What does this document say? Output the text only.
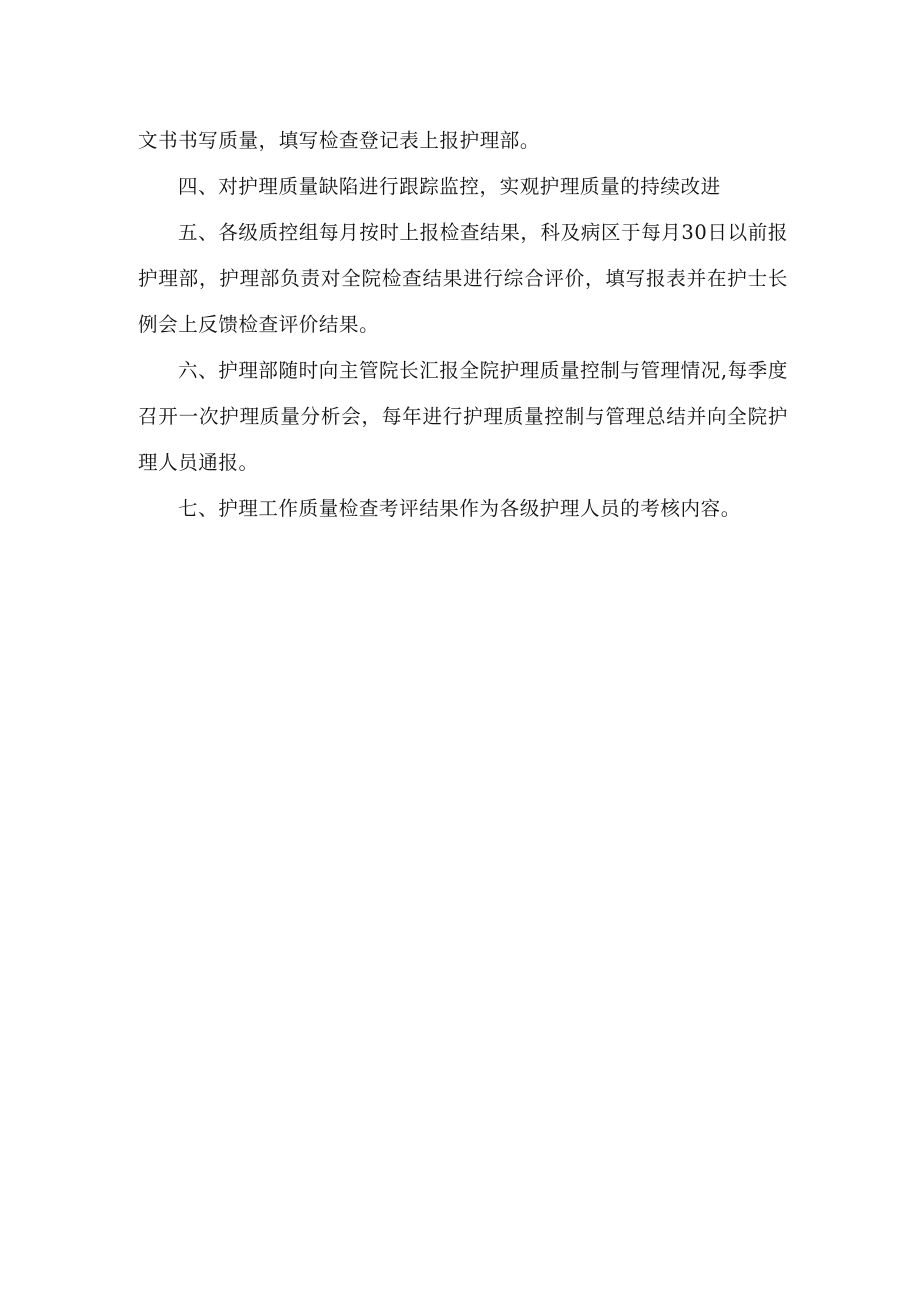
文书书写质量，填写检查登记表上报护理部。

四、对护理质量缺陷进行跟踪监控，实观护理质量的持续改进

五、各级质控组每月按时上报检查结果，科及病区于每月30日以前报护理部，护理部负责对全院检查结果进行综合评价，填写报表并在护士长例会上反馈检查评价结果。

六、护理部随时向主管院长汇报全院护理质量控制与管理情况,每季度召开一次护理质量分析会，每年进行护理质量控制与管理总结并向全院护理人员通报。

七、护理工作质量检查考评结果作为各级护理人员的考核内容。
